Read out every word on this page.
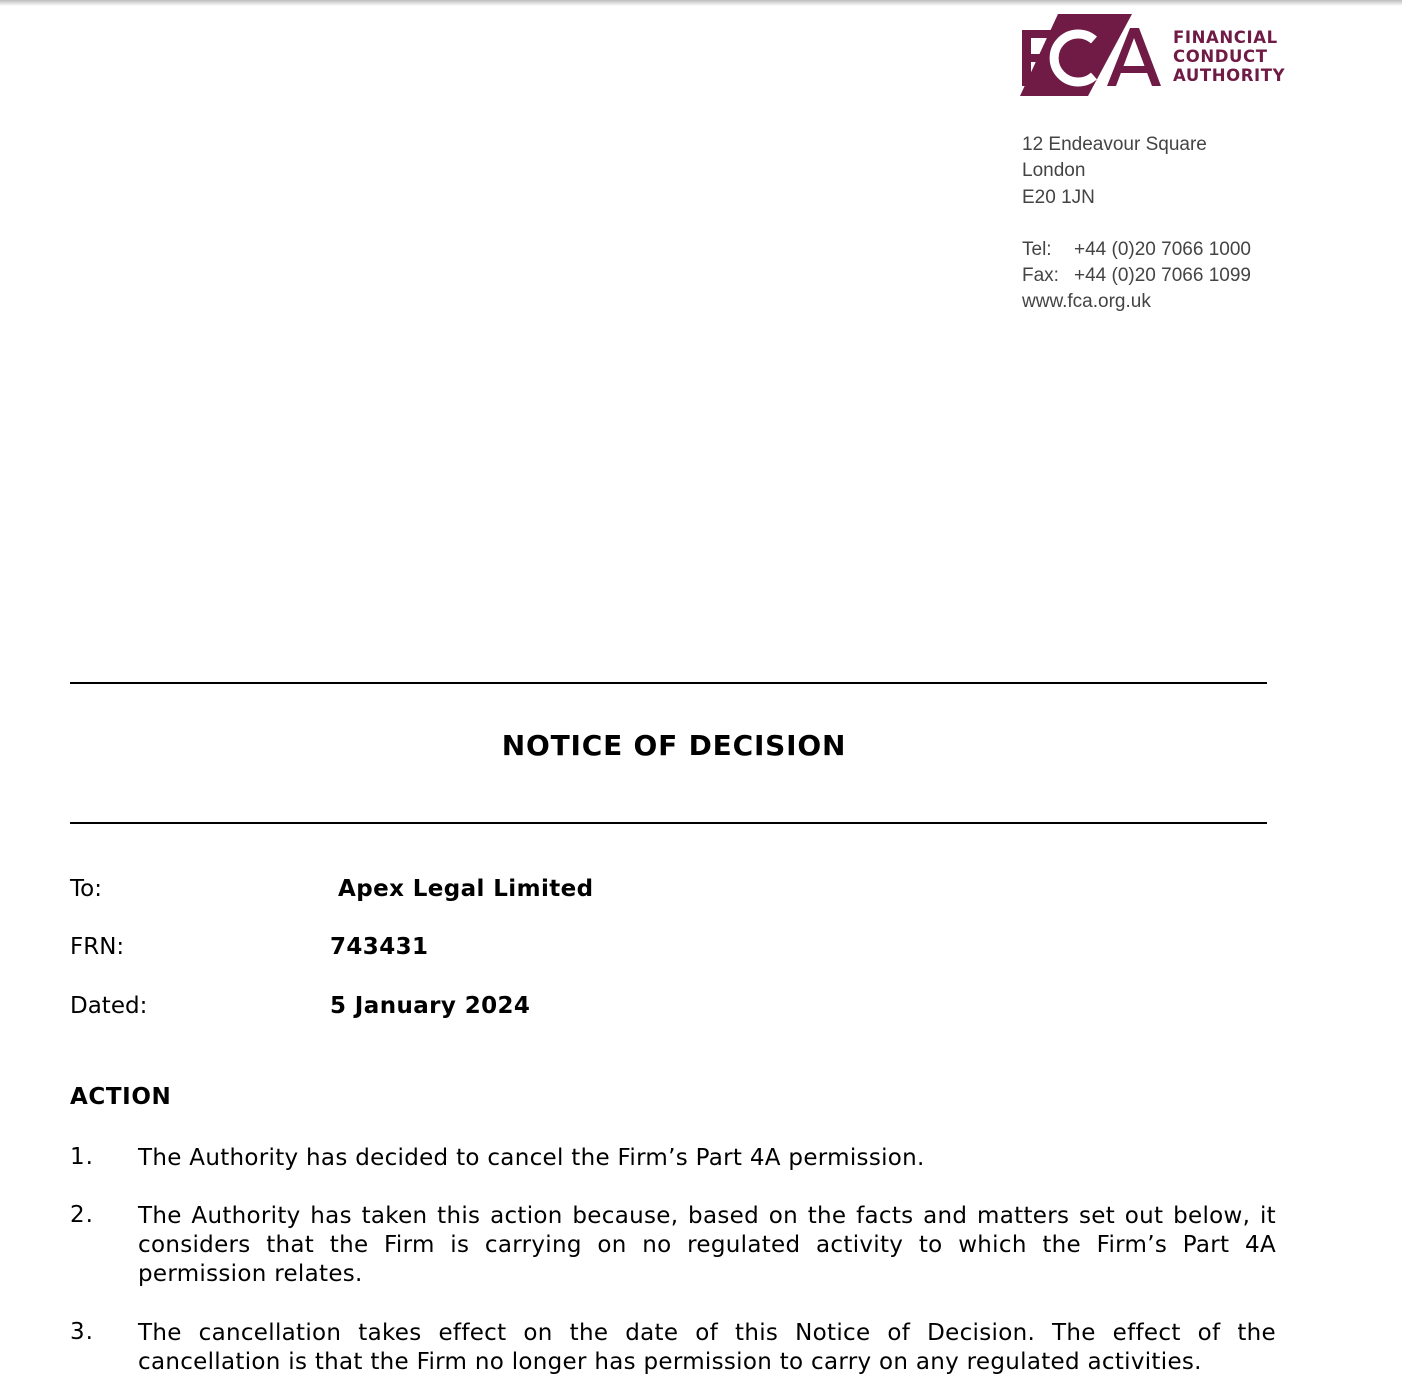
FINANCIAL
CONDUCT
AUTHORITY
12 Endeavour Square
London
E20 1JN
Tel: +44 (0)20 7066 1000
Fax: +44 (0)20 7066 1099
www.fca.org.uk
NOTICE OF DECISION
To:	Apex Legal Limited
FRN:	743431
Dated:	5 January 2024
ACTION
1. The Authority has decided to cancel the Firm’s Part 4A permission.
2. The Authority has taken this action because, based on the facts and matters set out below, it considers that the Firm is carrying on no regulated activity to which the Firm’s Part 4A permission relates.
3. The cancellation takes effect on the date of this Notice of Decision. The effect of the cancellation is that the Firm no longer has permission to carry on any regulated activities.
